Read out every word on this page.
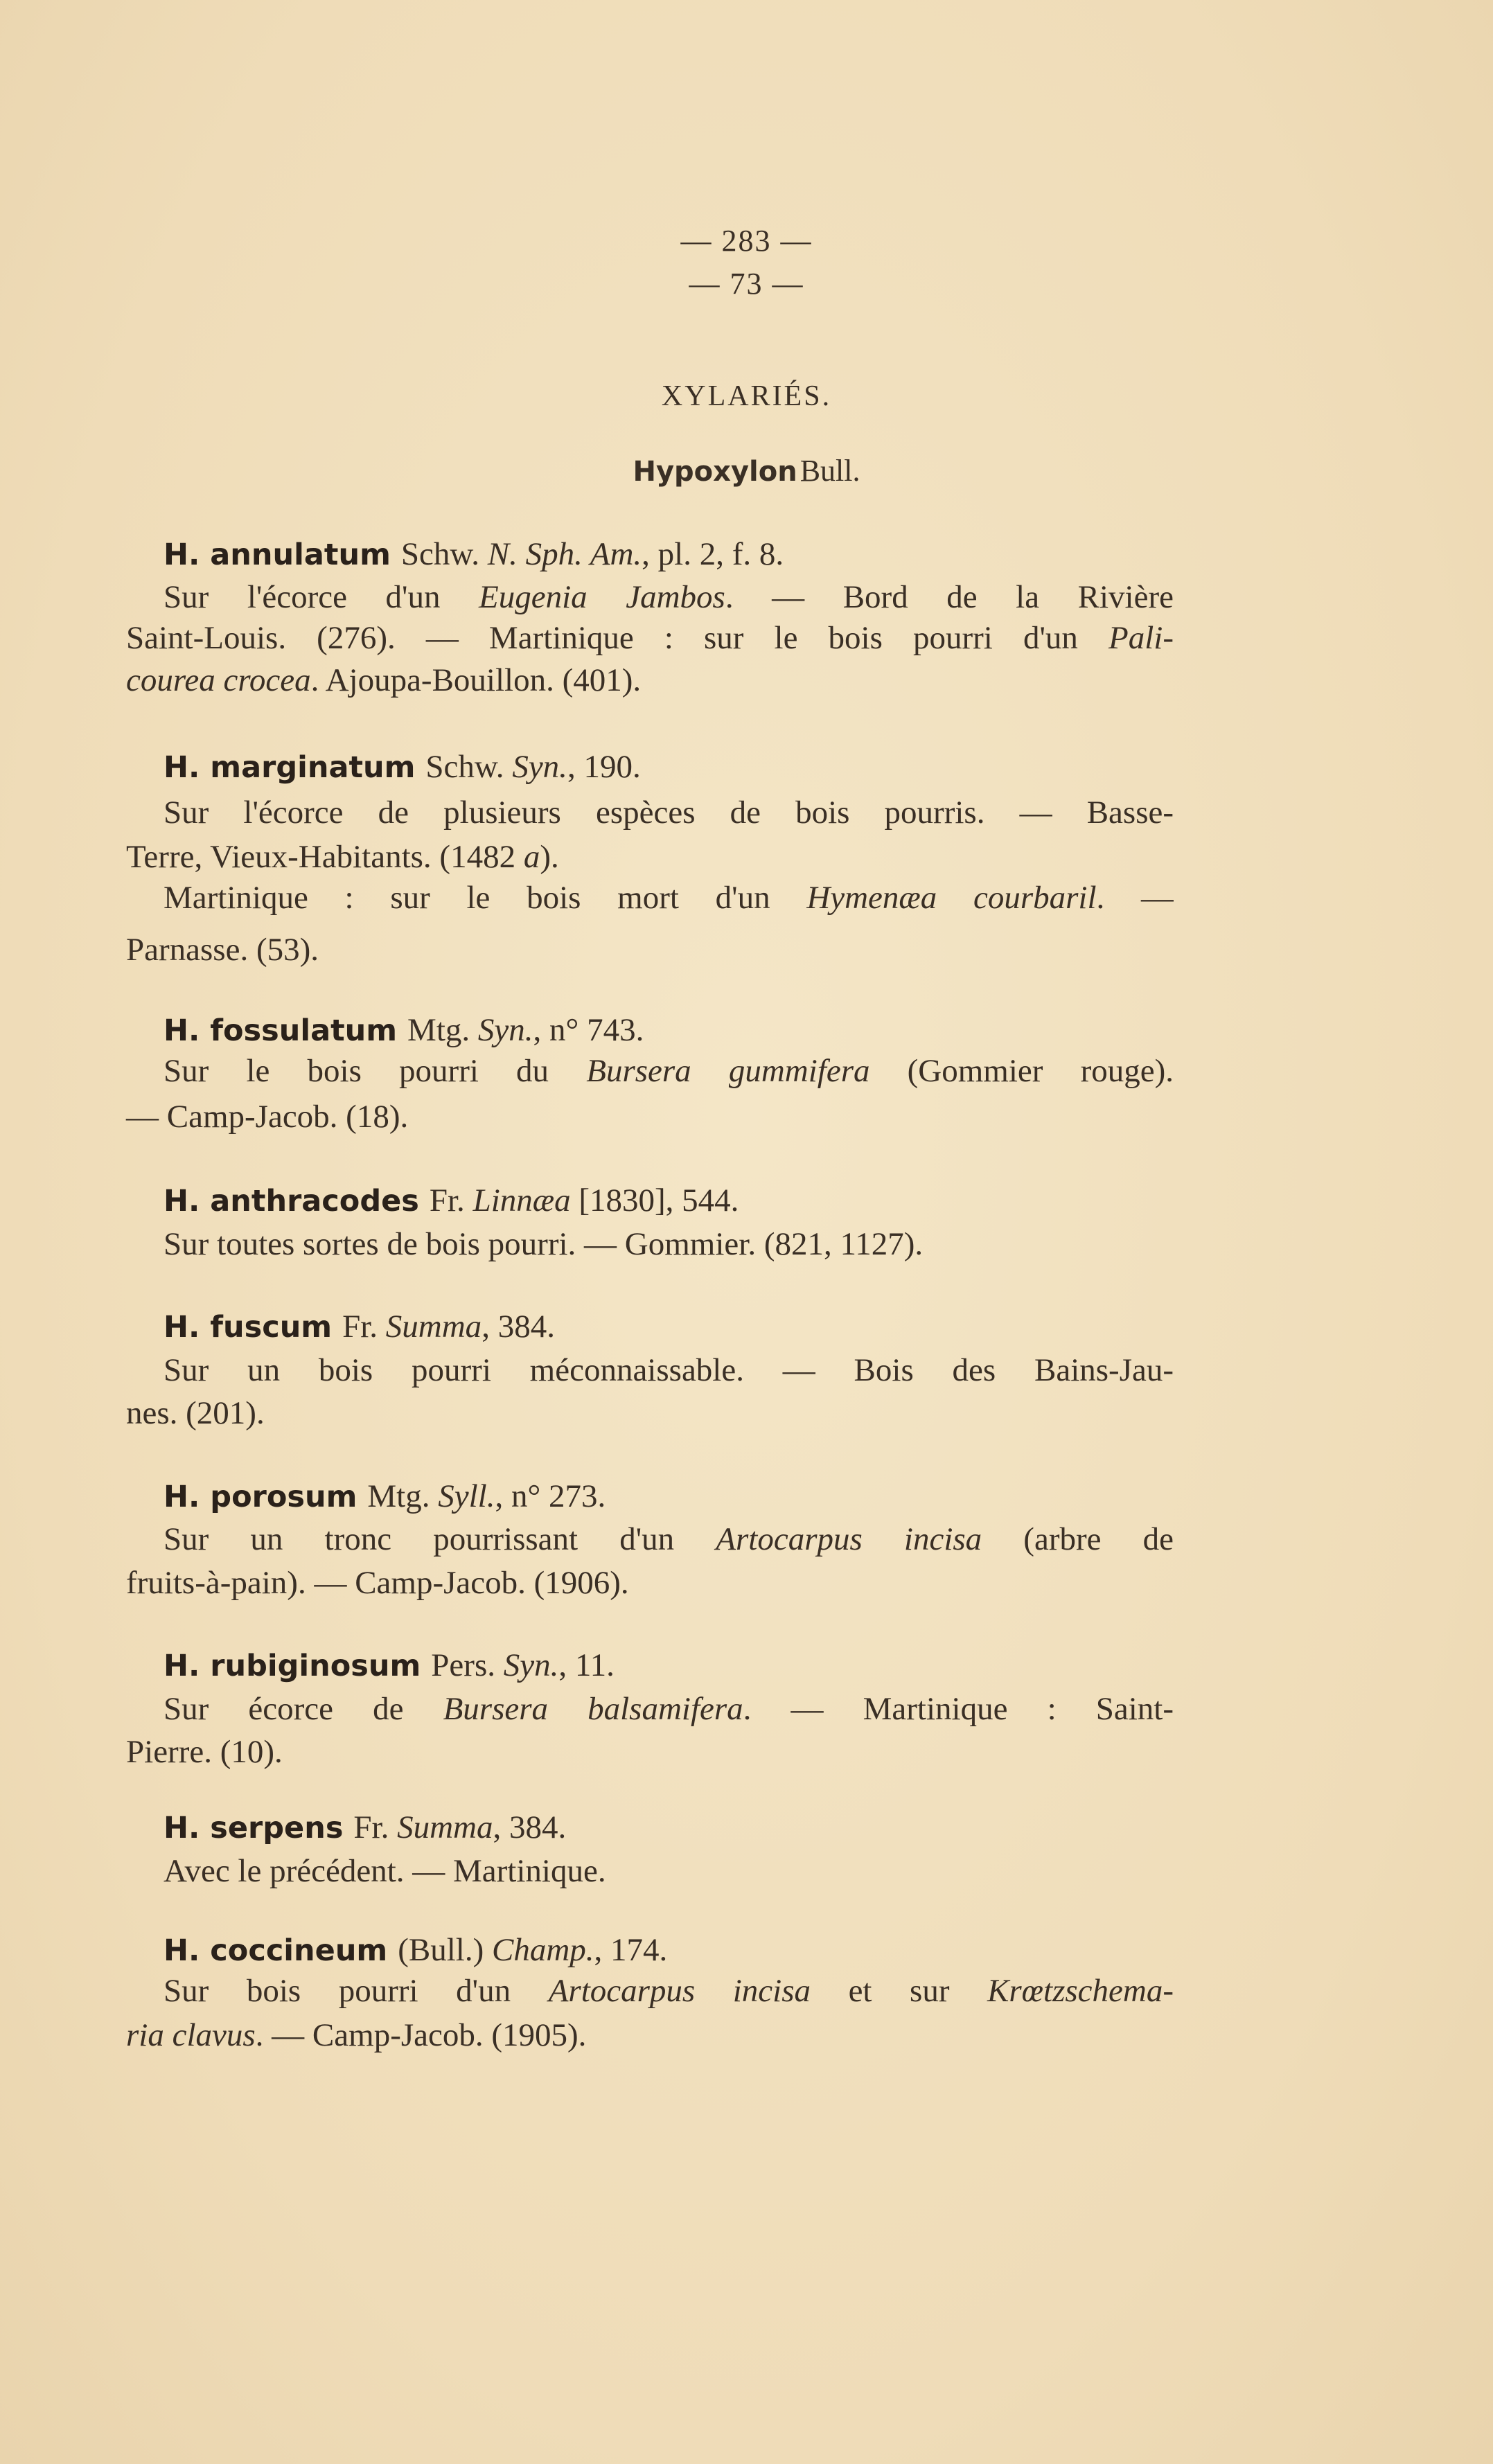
— 283 —
— 73 —
XYLARIÉS.
Hypoxylon Bull.
H. annulatum Schw. N. Sph. Am., pl. 2, f. 8.
Sur l'écorce d'un Eugenia Jambos. — Bord de la Rivière
Saint-Louis. (276). — Martinique : sur le bois pourri d'un Pali-
courea crocea. Ajoupa-Bouillon. (401).
H. marginatum Schw. Syn., 190.
Sur l'écorce de plusieurs espèces de bois pourris. — Basse-
Terre, Vieux-Habitants. (1482 a).
Martinique : sur le bois mort d'un Hymenæa courbaril. —
Parnasse. (53).
H. fossulatum Mtg. Syn., n° 743.
Sur le bois pourri du Bursera gummifera (Gommier rouge).
— Camp-Jacob. (18).
H. anthracodes Fr. Linnæa [1830], 544.
Sur toutes sortes de bois pourri. — Gommier. (821, 1127).
H. fuscum Fr. Summa, 384.
Sur un bois pourri méconnaissable. — Bois des Bains-Jau-
nes. (201).
H. porosum Mtg. Syll., n° 273.
Sur un tronc pourrissant d'un Artocarpus incisa (arbre de
fruits-à-pain). — Camp-Jacob. (1906).
H. rubiginosum Pers. Syn., 11.
Sur écorce de Bursera balsamifera. — Martinique : Saint-
Pierre. (10).
H. serpens Fr. Summa, 384.
Avec le précédent. — Martinique.
H. coccineum (Bull.) Champ., 174.
Sur bois pourri d'un Artocarpus incisa et sur Krœtzschema-
ria clavus. — Camp-Jacob. (1905).
